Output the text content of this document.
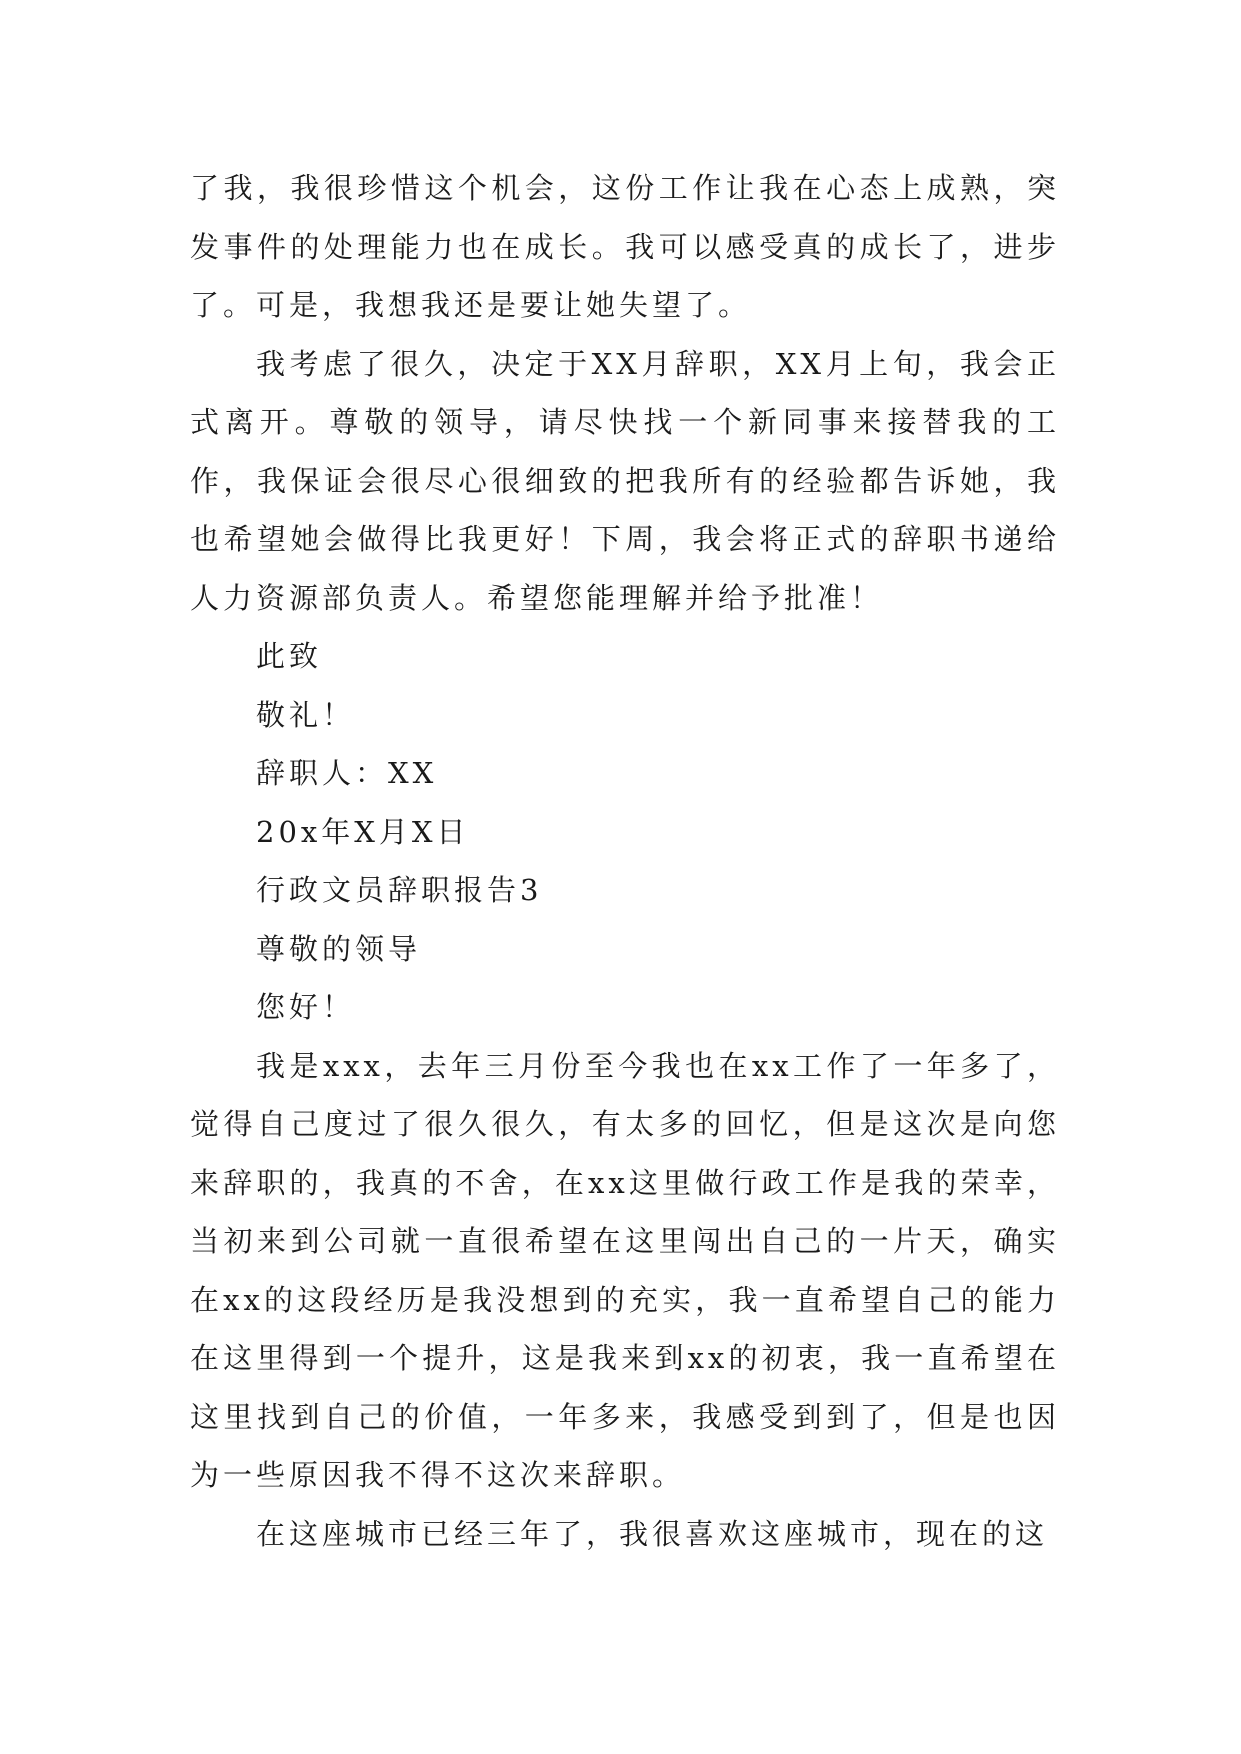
了我，我很珍惜这个机会，这份工作让我在心态上成熟，突发事件的处理能力也在成长。我可以感受真的成长了，进步了。可是，我想我还是要让她失望了。

我考虑了很久，决定于XX月辞职，XX月上旬，我会正式离开。尊敬的领导，请尽快找一个新同事来接替我的工作，我保证会很尽心很细致的把我所有的经验都告诉她，我也希望她会做得比我更好！下周，我会将正式的辞职书递给人力资源部负责人。希望您能理解并给予批准！

此致

敬礼！

辞职人：XX

20x年X月X日

行政文员辞职报告3

尊敬的领导

您好！

我是xxx，去年三月份至今我也在xx工作了一年多了，觉得自己度过了很久很久，有太多的回忆，但是这次是向您来辞职的，我真的不舍，在xx这里做行政工作是我的荣幸，当初来到公司就一直很希望在这里闯出自己的一片天，确实在xx的这段经历是我没想到的充实，我一直希望自己的能力在这里得到一个提升，这是我来到xx的初衷，我一直希望在这里找到自己的价值，一年多来，我感受到到了，但是也因为一些原因我不得不这次来辞职。

在这座城市已经三年了，我很喜欢这座城市，现在的这
